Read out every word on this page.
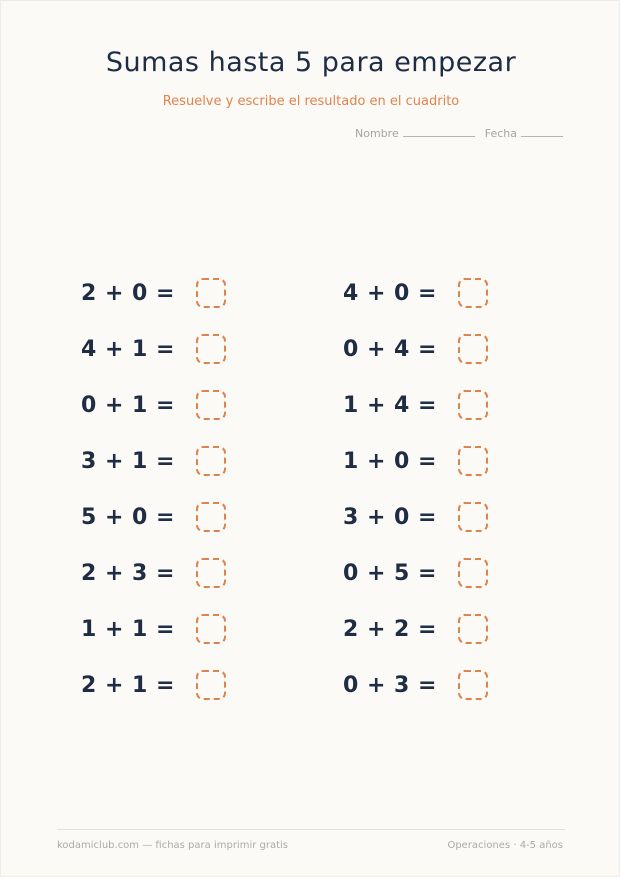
Sumas hasta 5 para empezar
Resuelve y escribe el resultado en el cuadrito
Nombre	Fecha
2 + 0 =
4 + 1 =
0 + 1 =
3 + 1 =
5 + 0 =
2 + 3 =
1 + 1 =
2 + 1 =
4 + 0 =
0 + 4 =
1 + 4 =
1 + 0 =
3 + 0 =
0 + 5 =
2 + 2 =
0 + 3 =
kodamiclub.com — fichas para imprimir gratis	Operaciones · 4-5 años
